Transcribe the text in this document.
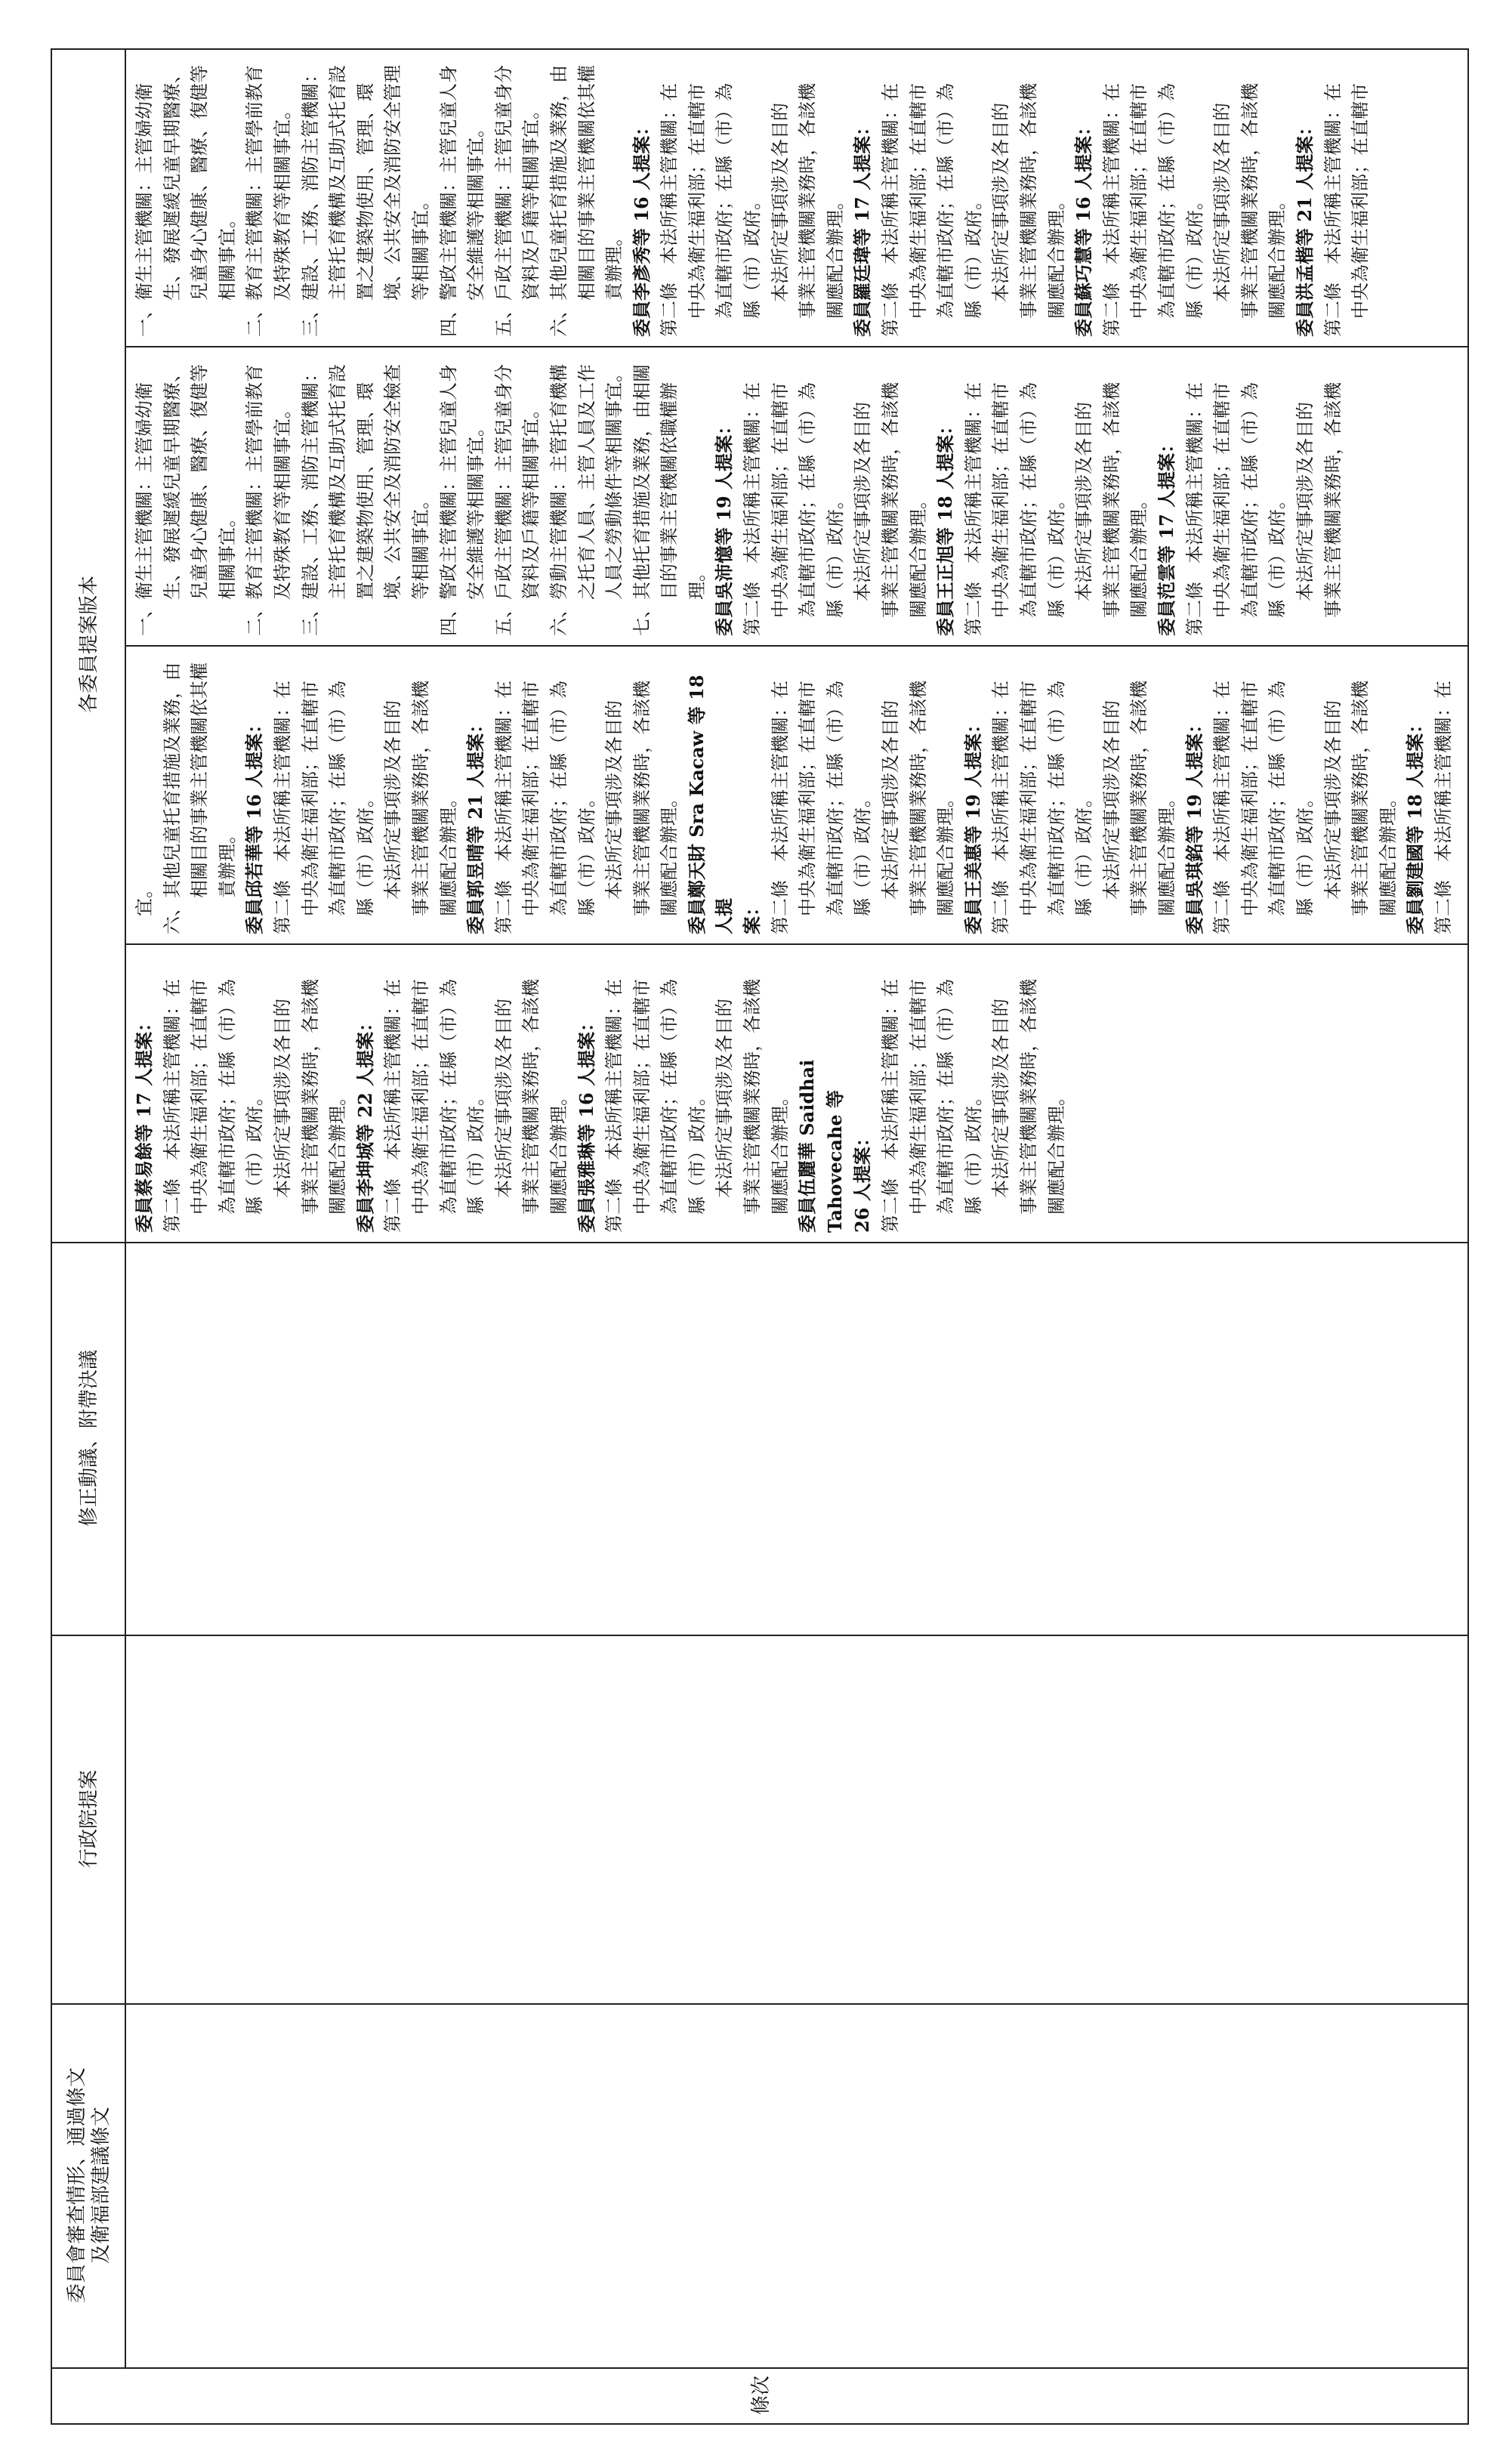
條次
委員會審查情形、通過條文
及衛福部建議條文
行政院提案
修正動議、附帶決議
各委員提案版本
委員蔡易餘等 17 人提案： 第二條　本法所稱主管機關：在 中央為衛生福利部；在直轄市 為直轄市政府；在縣（市）為 縣（市）政府。 本法所定事項涉及各目的 事業主管機關業務時，各該機 關應配合辦理。 委員李坤城等 22 人提案： 第二條　本法所稱主管機關：在 中央為衛生福利部；在直轄市 為直轄市政府；在縣（市）為 縣（市）政府。 本法所定事項涉及各目的 事業主管機關業務時，各該機 關應配合辦理。 委員張雅琳等 16 人提案： 第二條　本法所稱主管機關：在 中央為衛生福利部；在直轄市 為直轄市政府；在縣（市）為 縣（市）政府。 本法所定事項涉及各目的 事業主管機關業務時，各該機 關應配合辦理。 委員伍麗華 Saidhai Tahovecahe 等 26 人提案： 第二條　本法所稱主管機關：在 中央為衛生福利部；在直轄市 為直轄市政府；在縣（市）為 縣（市）政府。 本法所定事項涉及各目的 事業主管機關業務時，各該機 關應配合辦理。
宜。 六、其他兒童托育措施及業務，由相關目的事業主管機關依其權責辦理。 委員邱若華等 16 人提案： 第二條　本法所稱主管機關：在 中央為衛生福利部；在直轄市 為直轄市政府；在縣（市）為 縣（市）政府。 本法所定事項涉及各目的 事業主管機關業務時，各該機 關應配合辦理。 委員郭昱晴等 21 人提案： 第二條　本法所稱主管機關：在 中央為衛生福利部；在直轄市 為直轄市政府；在縣（市）為 縣（市）政府。 本法所定事項涉及各目的 事業主管機關業務時，各該機 關應配合辦理。 委員鄭天財 Sra Kacaw 等 18 人提 案： 第二條　本法所稱主管機關：在 中央為衛生福利部；在直轄市 為直轄市政府；在縣（市）為 縣（市）政府。 本法所定事項涉及各目的 事業主管機關業務時，各該機 關應配合辦理。 委員王美惠等 19 人提案： 第二條　本法所稱主管機關：在 中央為衛生福利部；在直轄市 為直轄市政府；在縣（市）為 縣（市）政府。 本法所定事項涉及各目的 事業主管機關業務時，各該機 關應配合辦理。 委員吳琪銘等 19 人提案： 第二條　本法所稱主管機關：在 中央為衛生福利部；在直轄市 為直轄市政府；在縣（市）為 縣（市）政府。 本法所定事項涉及各目的 事業主管機關業務時，各該機 關應配合辦理。 委員劉建國等 18 人提案： 第二條　本法所稱主管機關：在
一、衛生主管機關：主管婦幼衛生、發展遲緩兒童早期醫療、兒童身心健康、醫療、復健等相關事宜。 二、教育主管機關：主管學前教育及特殊教育等相關事宜。 三、建設、工務、消防主管機關：主管托育機構及互助式托育設置之建築物使用、管理、環境、公共安全及消防安全檢查等相關事宜。 四、警政主管機關：主管兒童人身安全維護等相關事宜。 五、戶政主管機關：主管兒童身分資料及戶籍等相關事宜。 六、勞動主管機關：主管托育機構之托育人員、主管人員及工作人員之勞動條件等相關事宜。 七、其他托育措施及業務，由相關目的事業主管機關依職權辦理。 委員吳沛憶等 19 人提案： 第二條　本法所稱主管機關：在 中央為衛生福利部；在直轄市 為直轄市政府；在縣（市）為 縣（市）政府。 本法所定事項涉及各目的 事業主管機關業務時，各該機 關應配合辦理。 委員王正旭等 18 人提案： 第二條　本法所稱主管機關：在 中央為衛生福利部；在直轄市 為直轄市政府；在縣（市）為 縣（市）政府。 本法所定事項涉及各目的 事業主管機關業務時，各該機 關應配合辦理。 委員范雲等 17 人提案： 第二條　本法所稱主管機關：在 中央為衛生福利部；在直轄市 為直轄市政府；在縣（市）為 縣（市）政府。 本法所定事項涉及各目的 事業主管機關業務時，各該機
一、衛生主管機關：主管婦幼衛生、發展遲緩兒童早期醫療、兒童身心健康、醫療、復健等相關事宜。 二、教育主管機關：主管學前教育及特殊教育等相關事宜。 三、建設、工務、消防主管機關：主管托育機構及互助式托育設置之建築物使用、管理、環境、公共安全及消防安全管理等相關事宜。 四、警政主管機關：主管兒童人身安全維護等相關事宜。 五、戶政主管機關：主管兒童身分資料及戶籍等相關事宜。 六、其他兒童托育措施及業務，由相關目的事業主管機關依其權責辦理。 委員李彥秀等 16 人提案： 第二條　本法所稱主管機關：在 中央為衛生福利部；在直轄市 為直轄市政府；在縣（市）為 縣（市）政府。 本法所定事項涉及各目的 事業主管機關業務時，各該機 關應配合辦理。 委員羅廷瑋等 17 人提案： 第二條　本法所稱主管機關：在 中央為衛生福利部；在直轄市 為直轄市政府；在縣（市）為 縣（市）政府。 本法所定事項涉及各目的 事業主管機關業務時，各該機 關應配合辦理。 委員蘇巧慧等 16 人提案： 第二條　本法所稱主管機關：在 中央為衛生福利部；在直轄市 為直轄市政府；在縣（市）為 縣（市）政府。 本法所定事項涉及各目的 事業主管機關業務時，各該機 關應配合辦理。 委員洪孟楷等 21 人提案： 第二條　本法所稱主管機關：在 中央為衛生福利部；在直轄市
